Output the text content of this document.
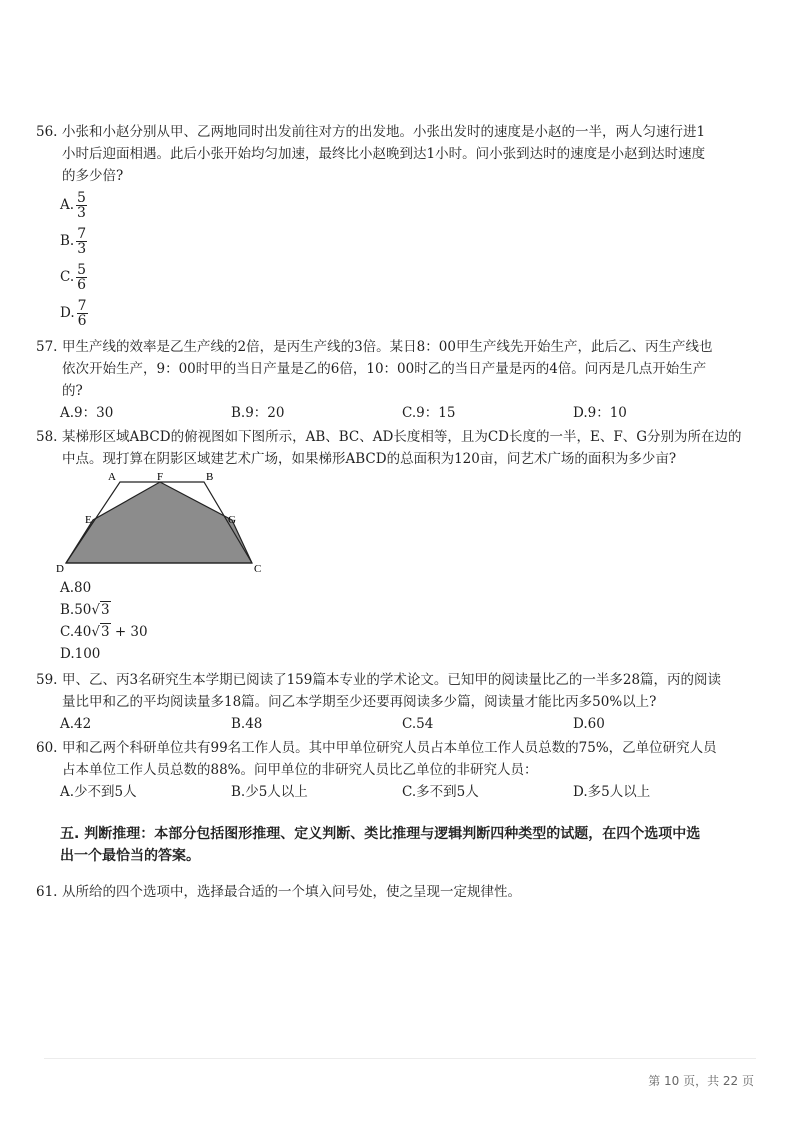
56. 小张和小赵分别从甲、乙两地同时出发前往对方的出发地。小张出发时的速度是小赵的一半，两人匀速行进1
小时后迎面相遇。此后小张开始均匀加速，最终比小赵晚到达1小时。问小张到达时的速度是小赵到达时速度
的多少倍?
A. $\frac{5}{3}$
B. $\frac{7}{3}$
C. $\frac{5}{6}$
D. $\frac{7}{6}$
57. 甲生产线的效率是乙生产线的2倍，是丙生产线的3倍。某日8：00甲生产线先开始生产，此后乙、丙生产线也
依次开始生产，9：00时甲的当日产量是乙的6倍，10：00时乙的当日产量是丙的4倍。问丙是几点开始生产
的?
A.9：30	B.9：20	C.9：15	D.9：10
58. 某梯形区域ABCD的俯视图如下图所示，AB、BC、AD长度相等，且为CD长度的一半，E、F、G分别为所在边的
中点。现打算在阴影区域建艺术广场，如果梯形ABCD的总面积为120亩，问艺术广场的面积为多少亩?
A	F	B
E	G
D	C
A.80
B.50√3
C.40√3 + 30
D.100
59. 甲、乙、丙3名研究生本学期已阅读了159篇本专业的学术论文。已知甲的阅读量比乙的一半多28篇，丙的阅读
量比甲和乙的平均阅读量多18篇。问乙本学期至少还要再阅读多少篇，阅读量才能比丙多50%以上?
A.42	B.48	C.54	D.60
60. 甲和乙两个科研单位共有99名工作人员。其中甲单位研究人员占本单位工作人员总数的75%，乙单位研究人员
占本单位工作人员总数的88%。问甲单位的非研究人员比乙单位的非研究人员：
A.少不到5人	B.少5人以上	C.多不到5人	D.多5人以上
五. 判断推理：本部分包括图形推理、定义判断、类比推理与逻辑判断四种类型的试题，在四个选项中选
出一个最恰当的答案。
61. 从所给的四个选项中，选择最合适的一个填入问号处，使之呈现一定规律性。
第 10 页，共 22 页
